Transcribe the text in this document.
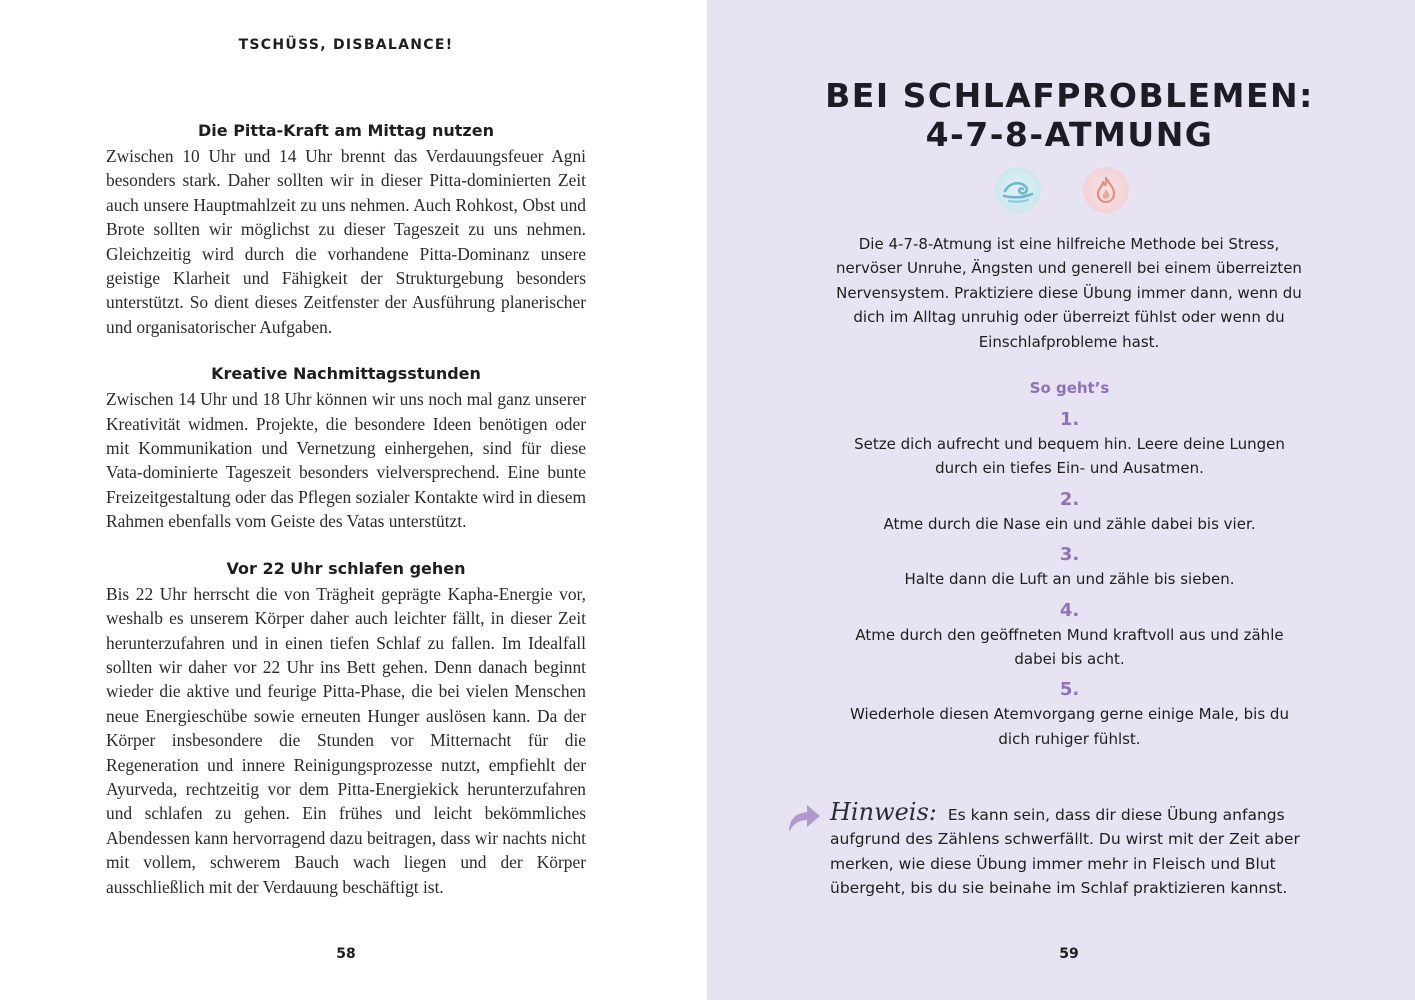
TSCHÜSS, DISBALANCE!
Die Pitta-Kraft am Mittag nutzen

Zwischen 10 Uhr und 14 Uhr brennt das Verdauungsfeuer Agni besonders stark. Daher sollten wir in dieser Pitta-dominierten Zeit auch unsere Hauptmahlzeit zu uns nehmen. Auch Rohkost, Obst und Brote sollten wir möglichst zu dieser Tageszeit zu uns nehmen. Gleichzeitig wird durch die vorhandene Pitta-Dominanz unsere geistige Klarheit und Fähigkeit der Strukturgebung besonders unterstützt. So dient dieses Zeitfenster der Ausführung planerischer und organisatorischer Aufgaben.

Kreative Nachmittagsstunden

Zwischen 14 Uhr und 18 Uhr können wir uns noch mal ganz unserer Kreativität widmen. Projekte, die besondere Ideen benötigen oder mit Kommunikation und Vernetzung einhergehen, sind für diese Vata-dominierte Tageszeit besonders vielversprechend. Eine bunte Freizeitgestaltung oder das Pflegen sozialer Kontakte wird in diesem Rahmen ebenfalls vom Geiste des Vatas unterstützt.

Vor 22 Uhr schlafen gehen

Bis 22 Uhr herrscht die von Trägheit geprägte Kapha-Energie vor, weshalb es unserem Körper daher auch leichter fällt, in dieser Zeit herunterzufahren und in einen tiefen Schlaf zu fallen. Im Idealfall sollten wir daher vor 22 Uhr ins Bett gehen. Denn danach beginnt wieder die aktive und feurige Pitta-Phase, die bei vielen Menschen neue Energieschübe sowie erneuten Hunger auslösen kann. Da der Körper insbesondere die Stunden vor Mitternacht für die Regeneration und innere Reinigungsprozesse nutzt, empfiehlt der Ayurveda, rechtzeitig vor dem Pitta-Energiekick herunterzufahren und schlafen zu gehen. Ein frühes und leicht bekömmliches Abendessen kann hervorragend dazu beitragen, dass wir nachts nicht mit vollem, schwerem Bauch wach liegen und der Körper ausschließlich mit der Verdauung beschäftigt ist.

58
BEI SCHLAFPROBLEMEN:
4-7-8-ATMUNG

Die 4-7-8-Atmung ist eine hilfreiche Methode bei Stress, nervöser Unruhe, Ängsten und generell bei einem überreizten Nervensystem. Praktiziere diese Übung immer dann, wenn du dich im Alltag unruhig oder überreizt fühlst oder wenn du Einschlafprobleme hast.

So geht’s
1.
Setze dich aufrecht und bequem hin. Leere deine Lungen durch ein tiefes Ein- und Ausatmen.
2.
Atme durch die Nase ein und zähle dabei bis vier.
3.
Halte dann die Luft an und zähle bis sieben.
4.
Atme durch den geöffneten Mund kraftvoll aus und zähle dabei bis acht.
5.
Wiederhole diesen Atemvorgang gerne einige Male, bis du dich ruhiger fühlst.

Hinweis: Es kann sein, dass dir diese Übung anfangs aufgrund des Zählens schwerfällt. Du wirst mit der Zeit aber merken, wie diese Übung immer mehr in Fleisch und Blut übergeht, bis du sie beinahe im Schlaf praktizieren kannst.

59
